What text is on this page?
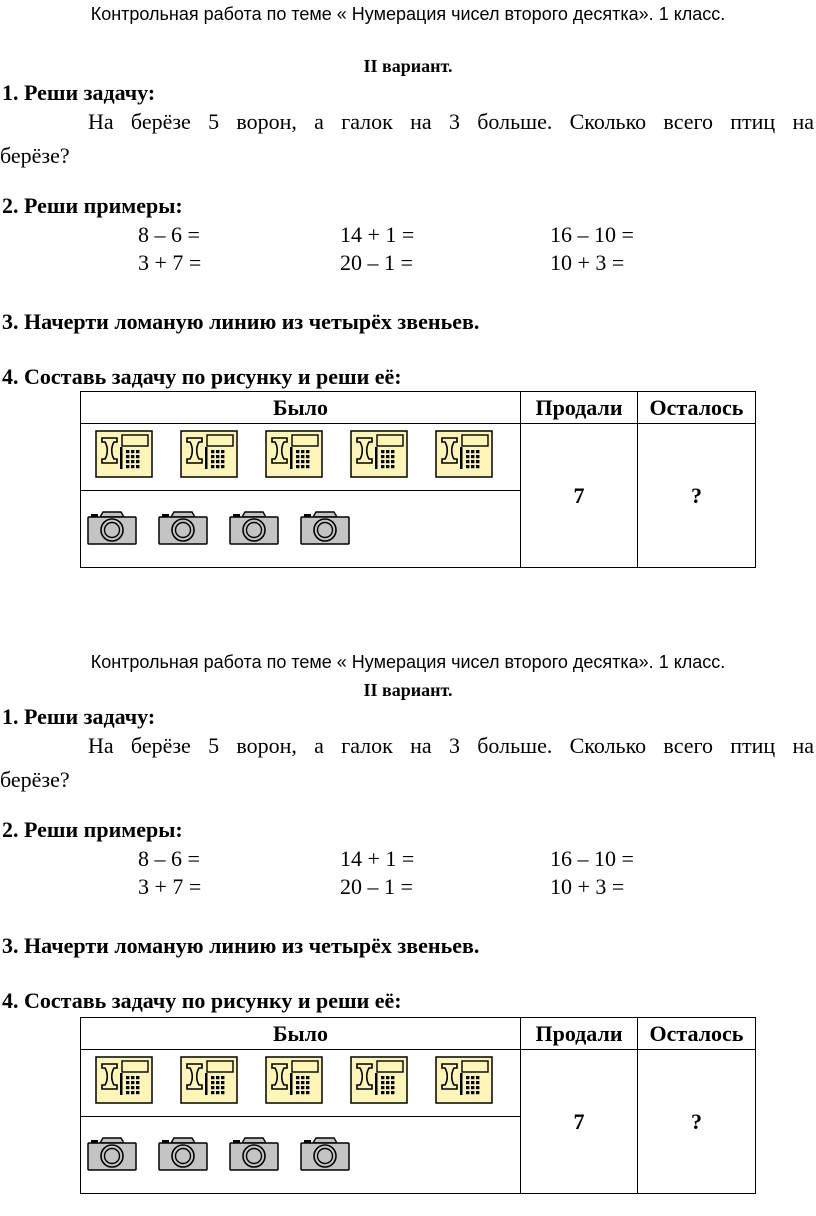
Контрольная работа по теме « Нумерация чисел второго десятка». 1 класс.
II вариант.
1. Реши задачу:
На берёзе 5 ворон, а галок на 3 больше. Сколько всего птиц на
берёзе?
2. Реши примеры:
8 – 6 =	14 + 1 =	16 – 10 =
3 + 7 =	20 – 1 =	10 + 3 =
3. Начерти ломаную линию из четырёх звеньев.
4. Составь задачу по рисунку и реши её:
Было	Продали	Осталось

	7	?

Контрольная работа по теме « Нумерация чисел второго десятка». 1 класс.
II вариант.
1. Реши задачу:
На берёзе 5 ворон, а галок на 3 больше. Сколько всего птиц на
берёзе?
2. Реши примеры:
8 – 6 =	14 + 1 =	16 – 10 =
3 + 7 =	20 – 1 =	10 + 3 =
3. Начерти ломаную линию из четырёх звеньев.
4. Составь задачу по рисунку и реши её:
Было	Продали	Осталось

	7	?
